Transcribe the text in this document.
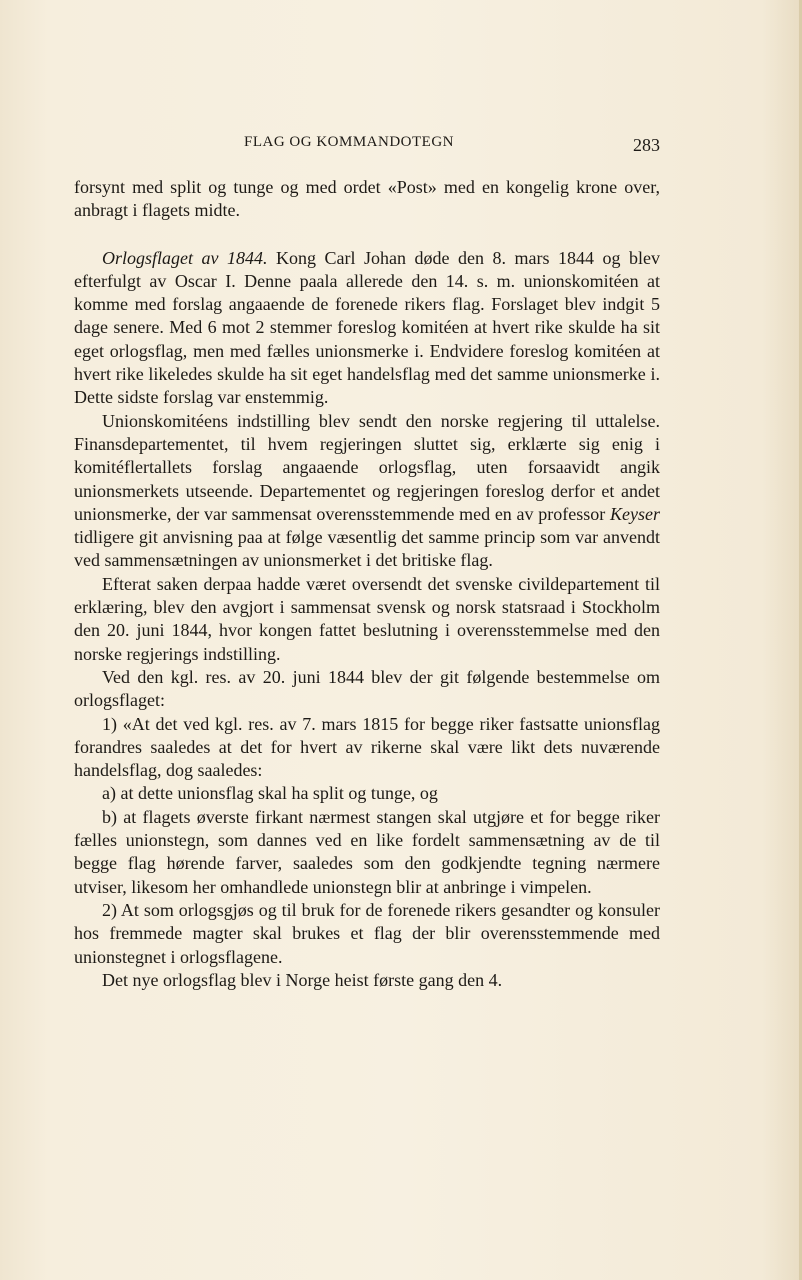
FLAG OG KOMMANDOTEGN	283

forsynt med split og tunge og med ordet «Post» med en kongelig krone over, anbragt i flagets midte.

Orlogsflaget av 1844. Kong Carl Johan døde den 8. mars 1844 og blev efterfulgt av Oscar I. Denne paala allerede den 14. s. m. unionskomitéen at komme med forslag angaaende de forenede rikers flag. Forslaget blev indgit 5 dage senere. Med 6 mot 2 stemmer foreslog komitéen at hvert rike skulde ha sit eget orlogsflag, men med fælles unionsmerke i. Endvidere foreslog komitéen at hvert rike likeledes skulde ha sit eget handelsflag med det samme unionsmerke i. Dette sidste forslag var enstemmig.

Unionskomitéens indstilling blev sendt den norske regjering til uttalelse. Finansdepartementet, til hvem regjeringen sluttet sig, erklærte sig enig i komitéflertallets forslag angaaende orlogsflag, uten forsaavidt angik unionsmerkets utseende. Departementet og regjeringen foreslog derfor et andet unionsmerke, der var sammensat overensstemmende med en av professor Keyser tidligere git anvisning paa at følge væsentlig det samme princip som var anvendt ved sammensætningen av unionsmerket i det britiske flag.

Efterat saken derpaa hadde været oversendt det svenske civildepartement til erklæring, blev den avgjort i sammensat svensk og norsk statsraad i Stockholm den 20. juni 1844, hvor kongen fattet beslutning i overensstemmelse med den norske regjerings indstilling.

Ved den kgl. res. av 20. juni 1844 blev der git følgende bestemmelse om orlogsflaget:

1) «At det ved kgl. res. av 7. mars 1815 for begge riker fastsatte unionsflag forandres saaledes at det for hvert av rikerne skal være likt dets nuværende handelsflag, dog saaledes:

a) at dette unionsflag skal ha split og tunge, og

b) at flagets øverste firkant nærmest stangen skal utgjøre et for begge riker fælles unionstegn, som dannes ved en like fordelt sammensætning av de til begge flag hørende farver, saaledes som den godkjendte tegning nærmere utviser, likesom her omhandlede unionstegn blir at anbringe i vimpelen.

2) At som orlogsgjøs og til bruk for de forenede rikers gesandter og konsuler hos fremmede magter skal brukes et flag der blir overensstemmende med unionstegnet i orlogsflagene.

Det nye orlogsflag blev i Norge heist første gang den 4.
